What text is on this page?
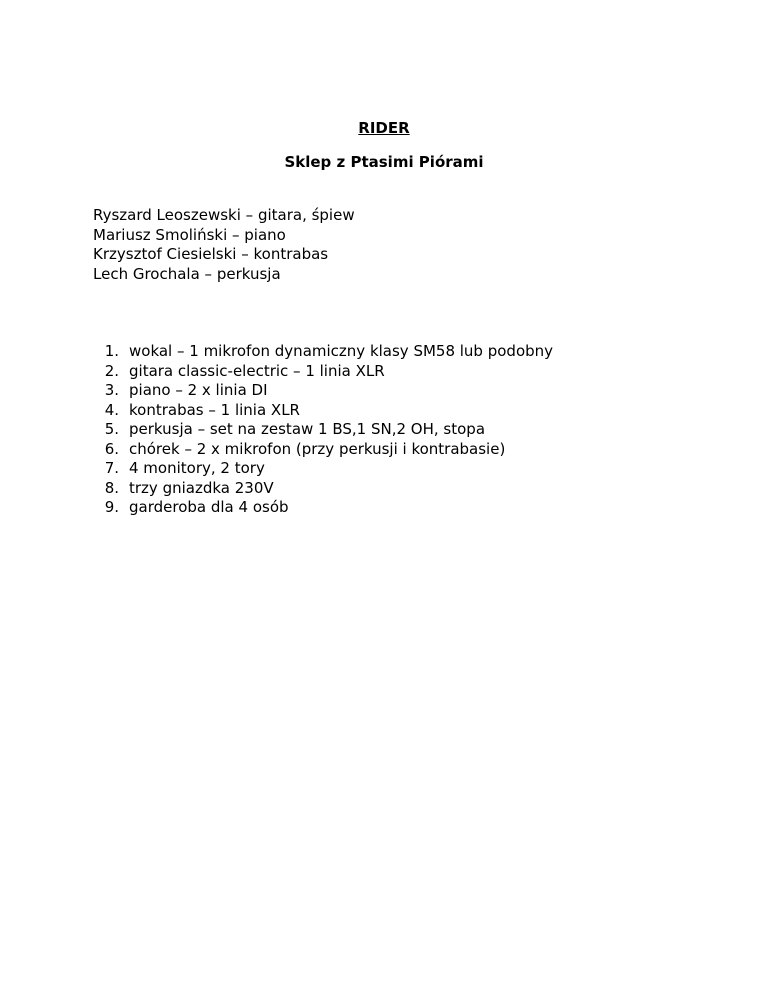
RIDER
Sklep z Ptasimi Piórami
Ryszard Leoszewski – gitara, śpiew
Mariusz Smoliński – piano
Krzysztof Ciesielski – kontrabas
Lech Grochala – perkusja
1. wokal – 1 mikrofon dynamiczny klasy SM58 lub podobny
2. gitara classic-electric – 1 linia XLR
3. piano – 2 x linia DI
4. kontrabas – 1 linia XLR
5. perkusja – set na zestaw 1 BS,1 SN,2 OH, stopa
6. chórek – 2 x mikrofon (przy perkusji i kontrabasie)
7. 4 monitory, 2 tory
8. trzy gniazdka 230V
9. garderoba dla 4 osób
